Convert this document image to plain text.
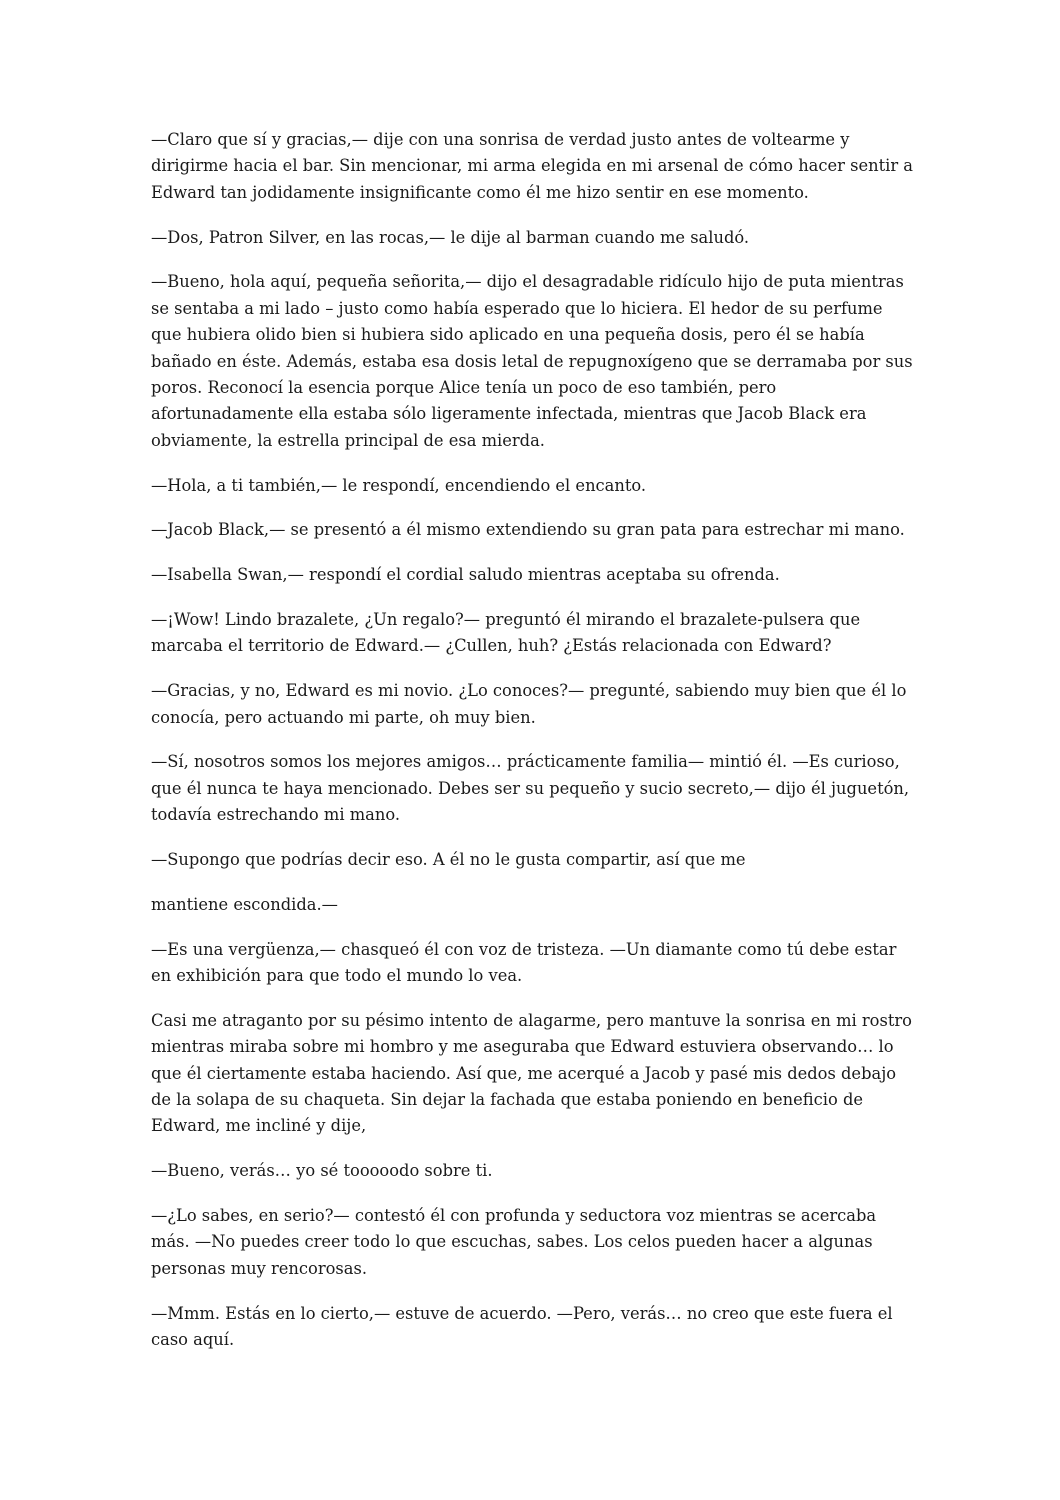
—Claro que sí y gracias,— dije con una sonrisa de verdad justo antes de voltearme y dirigirme hacia el bar. Sin mencionar, mi arma elegida en mi arsenal de cómo hacer sentir a Edward tan jodidamente insignificante como él me hizo sentir en ese momento.

—Dos, Patron Silver, en las rocas,— le dije al barman cuando me saludó.

—Bueno, hola aquí, pequeña señorita,— dijo el desagradable ridículo hijo de puta mientras se sentaba a mi lado – justo como había esperado que lo hiciera. El hedor de su perfume que hubiera olido bien si hubiera sido aplicado en una pequeña dosis, pero él se había bañado en éste. Además, estaba esa dosis letal de repugnoxígeno que se derramaba por sus poros. Reconocí la esencia porque Alice tenía un poco de eso también, pero afortunadamente ella estaba sólo ligeramente infectada, mientras que Jacob Black era obviamente, la estrella principal de esa mierda.

—Hola, a ti también,— le respondí, encendiendo el encanto.

—Jacob Black,— se presentó a él mismo extendiendo su gran pata para estrechar mi mano.

—Isabella Swan,— respondí el cordial saludo mientras aceptaba su ofrenda.

—¡Wow! Lindo brazalete, ¿Un regalo?— preguntó él mirando el brazalete-pulsera que marcaba el territorio de Edward.— ¿Cullen, huh? ¿Estás relacionada con Edward?

—Gracias, y no, Edward es mi novio. ¿Lo conoces?— pregunté, sabiendo muy bien que él lo conocía, pero actuando mi parte, oh muy bien.

—Sí, nosotros somos los mejores amigos… prácticamente familia— mintió él. —Es curioso, que él nunca te haya mencionado. Debes ser su pequeño y sucio secreto,— dijo él juguetón, todavía estrechando mi mano.

—Supongo que podrías decir eso. A él no le gusta compartir, así que me

mantiene escondida.—

—Es una vergüenza,— chasqueó él con voz de tristeza. —Un diamante como tú debe estar en exhibición para que todo el mundo lo vea.

Casi me atraganto por su pésimo intento de alagarme, pero mantuve la sonrisa en mi rostro mientras miraba sobre mi hombro y me aseguraba que Edward estuviera observando… lo que él ciertamente estaba haciendo. Así que, me acerqué a Jacob y pasé mis dedos debajo de la solapa de su chaqueta. Sin dejar la fachada que estaba poniendo en beneficio de Edward, me incliné y dije,

—Bueno, verás… yo sé tooooodo sobre ti.

—¿Lo sabes, en serio?— contestó él con profunda y seductora voz mientras se acercaba más. —No puedes creer todo lo que escuchas, sabes. Los celos pueden hacer a algunas personas muy rencorosas.

—Mmm. Estás en lo cierto,— estuve de acuerdo. —Pero, verás… no creo que este fuera el caso aquí.
